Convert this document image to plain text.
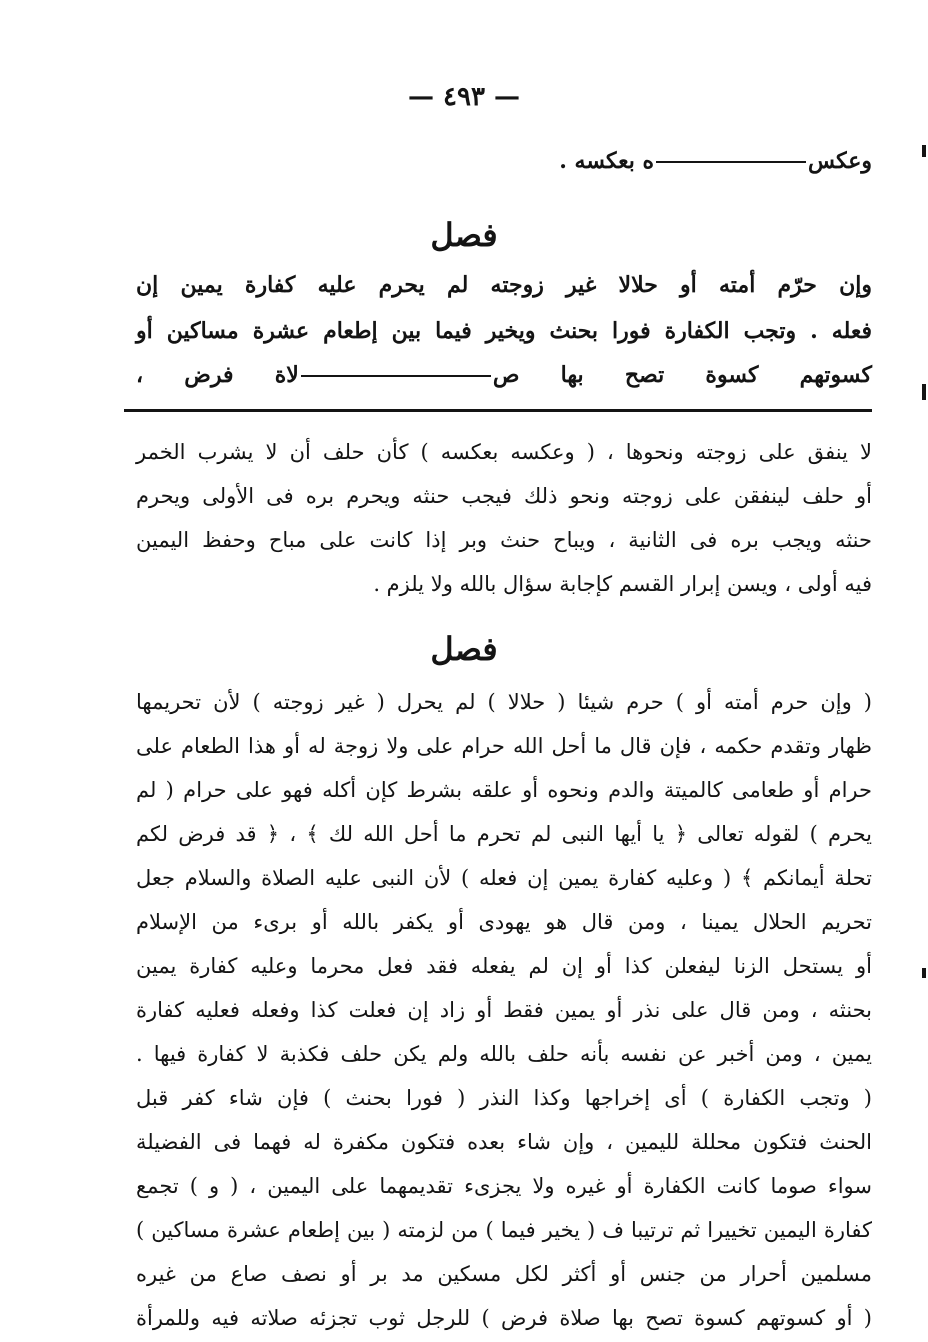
— ٤٩٣ —
وعكسه بعكسه .
فصل
وإن حرّم أمته أو حلالا غير زوجته لم يحرم عليه كفارة يمين إن
فعله . وتجب الكفارة فورا بحنث ويخير فيما بين إطعام عشرة مساكين أو
كسوتهم كسوة تصح بها صلاة فرض ،
لا ينفق على زوجته ونحوها ، ( وعكسه بعكسه ) كأن حلف أن لا يشرب الخمر
أو حلف لينفقن على زوجته ونحو ذلك فيجب حنثه ويحرم بره فى الأولى ويحرم
حنثه ويجب بره فى الثانية ، ويباح حنث وبر إذا كانت على مباح وحفظ اليمين
فيه أولى ، ويسن إبرار القسم كإجابة سؤال بالله ولا يلزم .
فصل
( وإن حرم أمته أو ) حرم شيئا ( حلالا ) لم يحرل ( غير زوجته ) لأن تحريمها
ظهار وتقدم حكمه ، فإن قال ما أحل الله حرام على ولا زوجة له أو هذا الطعام على
حرام أو طعامى كالميتة والدم ونحوه أو علقه بشرط كإن أكله فهو على حرام ( لم
يحرم ) لقوله تعالى ﴿ يا أيها النبى لم تحرم ما أحل الله لك ﴾ ، ﴿ قد فرض لكم
تحلة أيمانكم ﴾ ( وعليه كفارة يمين إن فعله ) لأن النبى عليه الصلاة والسلام جعل
تحريم الحلال يمينا ، ومن قال هو يهودى أو يكفر بالله أو برىء من الإسلام
أو يستحل الزنا ليفعلن كذا أو إن لم يفعله فقد فعل محرما وعليه كفارة يمين
بحنثه ، ومن قال على نذر أو يمين فقط أو زاد إن فعلت كذا وفعله فعليه كفارة
يمين ، ومن أخبر عن نفسه بأنه حلف بالله ولم يكن حلف فكذبة لا كفارة فيها .
( وتجب الكفارة ) أى إخراجها وكذا النذر ( فورا بحنث ) فإن شاء كفر قبل
الحنث فتكون محللة لليمين ، وإن شاء بعده فتكون مكفرة له فهما فى الفضيلة
سواء صوما كانت الكفارة أو غيره ولا يجزىء تقديمهما على اليمين ، ( و ) تجمع
كفارة اليمين تخييرا ثم ترتيبا ف ( يخير فيما ) من لزمته ( بين إطعام عشرة مساكين )
مسلمين أحرار من جنس أو أكثر لكل مسكين مد بر أو نصف صاع من غيره
( أو كسوتهم كسوة تصح بها صلاة فرض ) للرجل ثوب تجزئه صلاته فيه وللمرأة
